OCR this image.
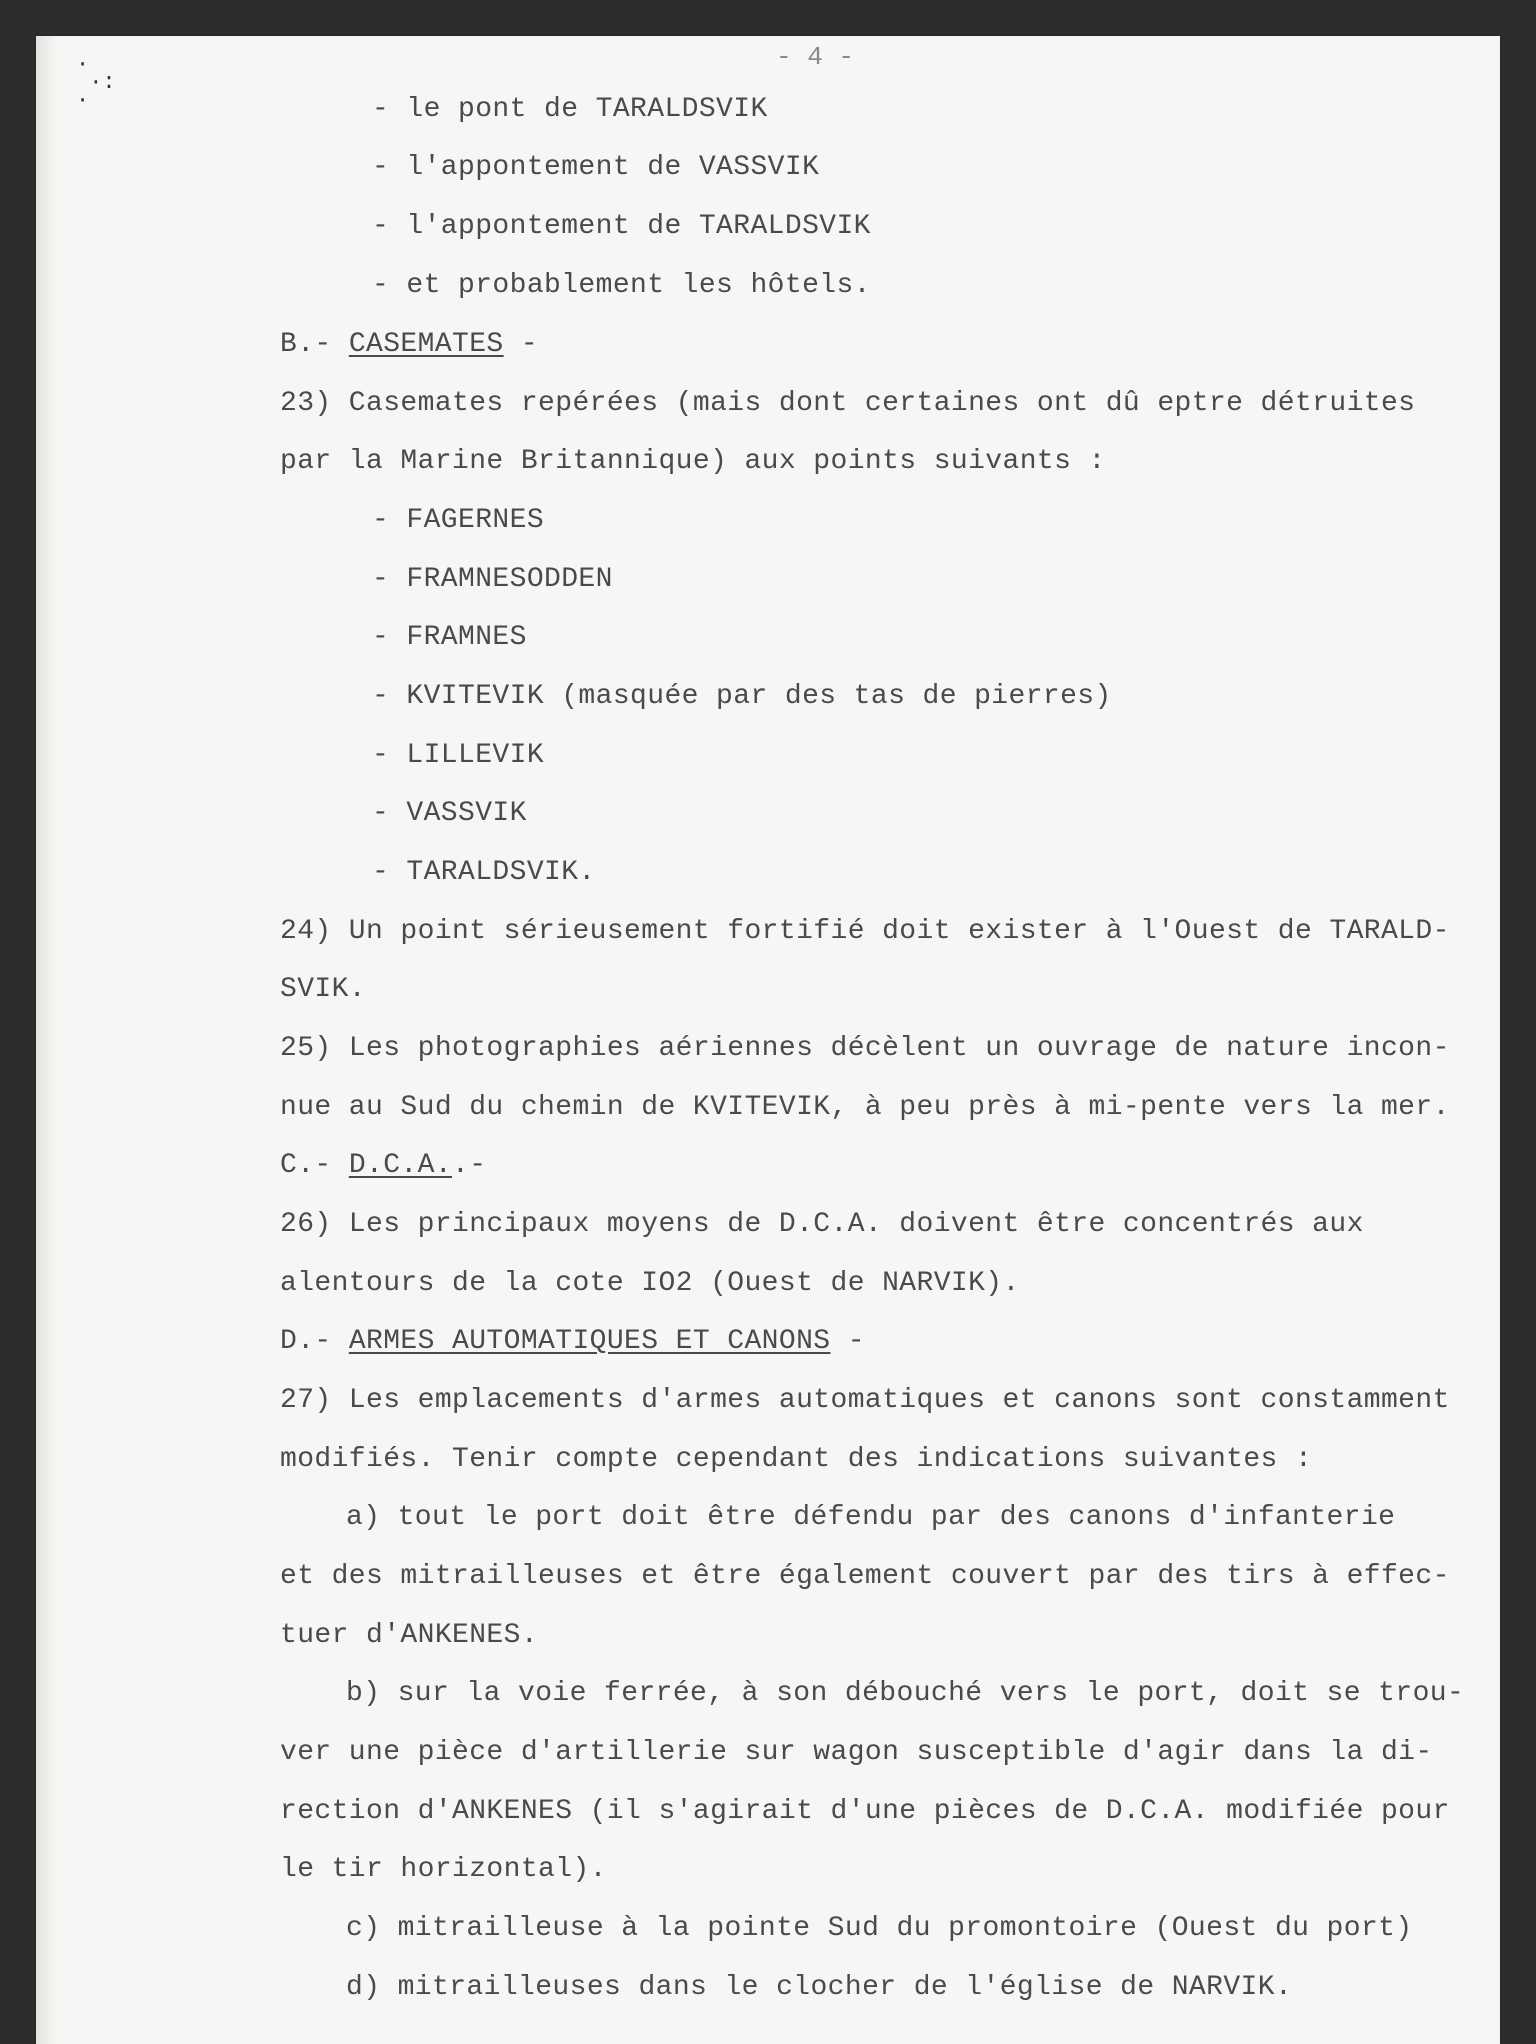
·
·:
·
- 4 -
- le pont de TARALDSVIK
- l'appontement de VASSVIK
- l'appontement de TARALDSVIK
- et probablement les hôtels.
B.- CASEMATES -
23) Casemates repérées (mais dont certaines ont dû eptre détruites
par la Marine Britannique) aux points suivants :
- FAGERNES
- FRAMNESODDEN
- FRAMNES
- KVITEVIK (masquée par des tas de pierres)
- LILLEVIK
- VASSVIK
- TARALDSVIK.
24) Un point sérieusement fortifié doit exister à l'Ouest de TARALD-
SVIK.
25) Les photographies aériennes décèlent un ouvrage de nature incon-
nue au Sud du chemin de KVITEVIK, à peu près à mi-pente vers la mer.
C.- D.C.A..-
26) Les principaux moyens de D.C.A. doivent être concentrés aux
alentours de la cote IO2 (Ouest de NARVIK).
D.- ARMES AUTOMATIQUES ET CANONS -
27) Les emplacements d'armes automatiques et canons sont constamment
modifiés. Tenir compte cependant des indications suivantes :
a) tout le port doit être défendu par des canons d'infanterie
et des mitrailleuses et être également couvert par des tirs à effec-
tuer d'ANKENES.
b) sur la voie ferrée, à son débouché vers le port, doit se trou-
ver une pièce d'artillerie sur wagon susceptible d'agir dans la di-
rection d'ANKENES (il s'agirait d'une pièces de D.C.A. modifiée pour
le tir horizontal).
c) mitrailleuse à la pointe Sud du promontoire (Ouest du port)
d) mitrailleuses dans le clocher de l'église de NARVIK.
